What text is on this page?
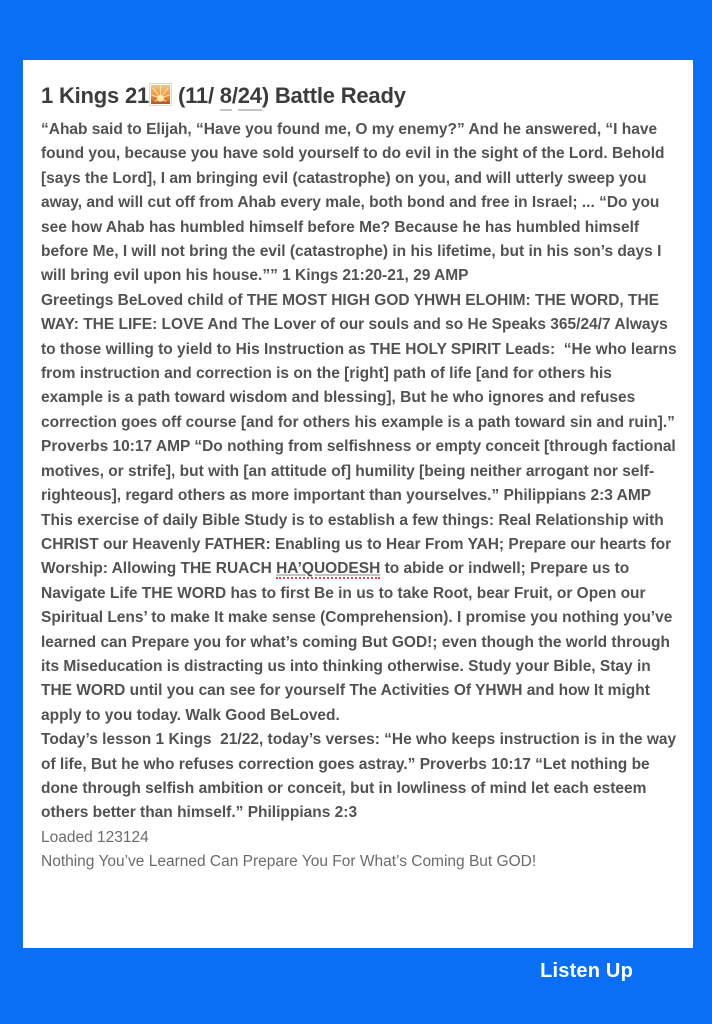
1 Kings 21 (11/ 8/24) Battle Ready

“Ahab said to Elijah, “Have you found me, O my enemy?” And he answered, “I have found you, because you have sold yourself to do evil in the sight of the Lord. Behold [says the Lord], I am bringing evil (catastrophe) on you, and will utterly sweep you away, and will cut off from Ahab every male, both bond and free in Israel; ... “Do you see how Ahab has humbled himself before Me? Because he has humbled himself before Me, I will not bring the evil (catastrophe) in his lifetime, but in his son’s days I will bring evil upon his house.”” 1 Kings 21:20-21, 29 AMP

Greetings BeLoved child of THE MOST HIGH GOD YHWH ELOHIM: THE WORD, THE WAY: THE LIFE: LOVE And The Lover of our souls and so He Speaks 365/24/7 Always to those willing to yield to His Instruction as THE HOLY SPIRIT Leads:  “He who learns from instruction and correction is on the [right] path of life [and for others his example is a path toward wisdom and blessing], But he who ignores and refuses correction goes off course [and for others his example is a path toward sin and ruin].” Proverbs 10:17 AMP “Do nothing from selfishness or empty conceit [through factional motives, or strife], but with [an attitude of] humility [being neither arrogant nor self-righteous], regard others as more important than yourselves.” Philippians 2:3 AMP

This exercise of daily Bible Study is to establish a few things: Real Relationship with CHRIST our Heavenly FATHER: Enabling us to Hear From YAH; Prepare our hearts for Worship: Allowing THE RUACH HA’QUODESH to abide or indwell; Prepare us to Navigate Life THE WORD has to first Be in us to take Root, bear Fruit, or Open our Spiritual Lens’ to make It make sense (Comprehension). I promise you nothing you’ve learned can Prepare you for what’s coming But GOD!; even though the world through its Miseducation is distracting us into thinking otherwise. Study your Bible, Stay in THE WORD until you can see for yourself The Activities Of YHWH and how It might apply to you today. Walk Good BeLoved.

Today’s lesson 1 Kings  21/22, today’s verses: “He who keeps instruction is in the way of life, But he who refuses correction goes astray.” Proverbs 10:17 “Let nothing be done through selfish ambition or conceit, but in lowliness of mind let each esteem others better than himself.” Philippians 2:3

Loaded 123124
Nothing You’ve Learned Can Prepare You For What’s Coming But GOD!
Listen Up
